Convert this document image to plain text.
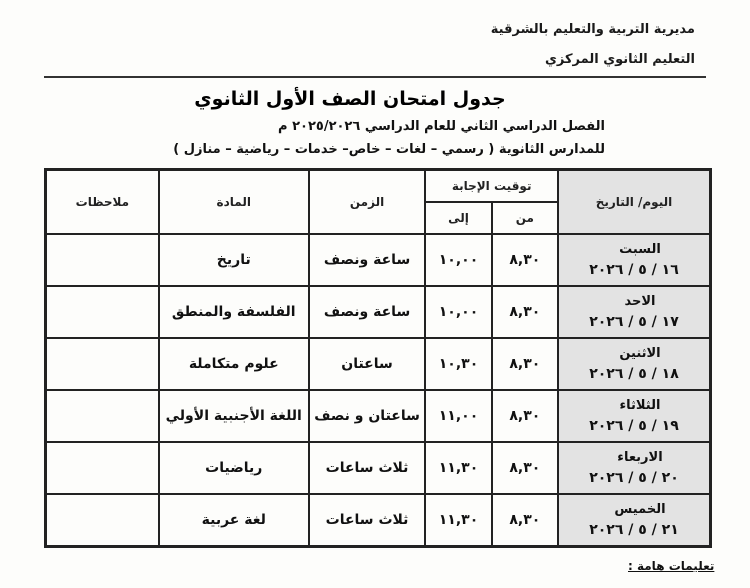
مديرية التربية والتعليم بالشرقية
التعليم الثانوي المركزي
جدول امتحان الصف الأول الثانوي
الفصل الدراسي الثاني للعام الدراسي ٢٠٢٥/٢٠٢٦ م
للمدارس الثانوية ( رسمي – لغات – خاص– خدمات – رياضية – منازل )
اليوم/ التاريخ	توقيت الإجابة		الزمن	المادة	ملاحظات
	من	إلى			

السبت
١٦ / ٥ / ٢٠٢٦	٨,٣٠	١٠,٠٠	ساعة ونصف	تاريخ	

الاحد
١٧ / ٥ / ٢٠٢٦	٨,٣٠	١٠,٠٠	ساعة ونصف	الفلسفة والمنطق	

الاثنين
١٨ / ٥ / ٢٠٢٦	٨,٣٠	١٠,٣٠	ساعتان	علوم متكاملة	

الثلاثاء
١٩ / ٥ / ٢٠٢٦	٨,٣٠	١١,٠٠	ساعتان و نصف	اللغة الأجنبية الأولي	

الاربعاء
٢٠ / ٥ / ٢٠٢٦	٨,٣٠	١١,٣٠	ثلاث ساعات	رياضيات	

الخميس
٢١ / ٥ / ٢٠٢٦	٨,٣٠	١١,٣٠	ثلاث ساعات	لغة عربية	
تعليمات هامة :
